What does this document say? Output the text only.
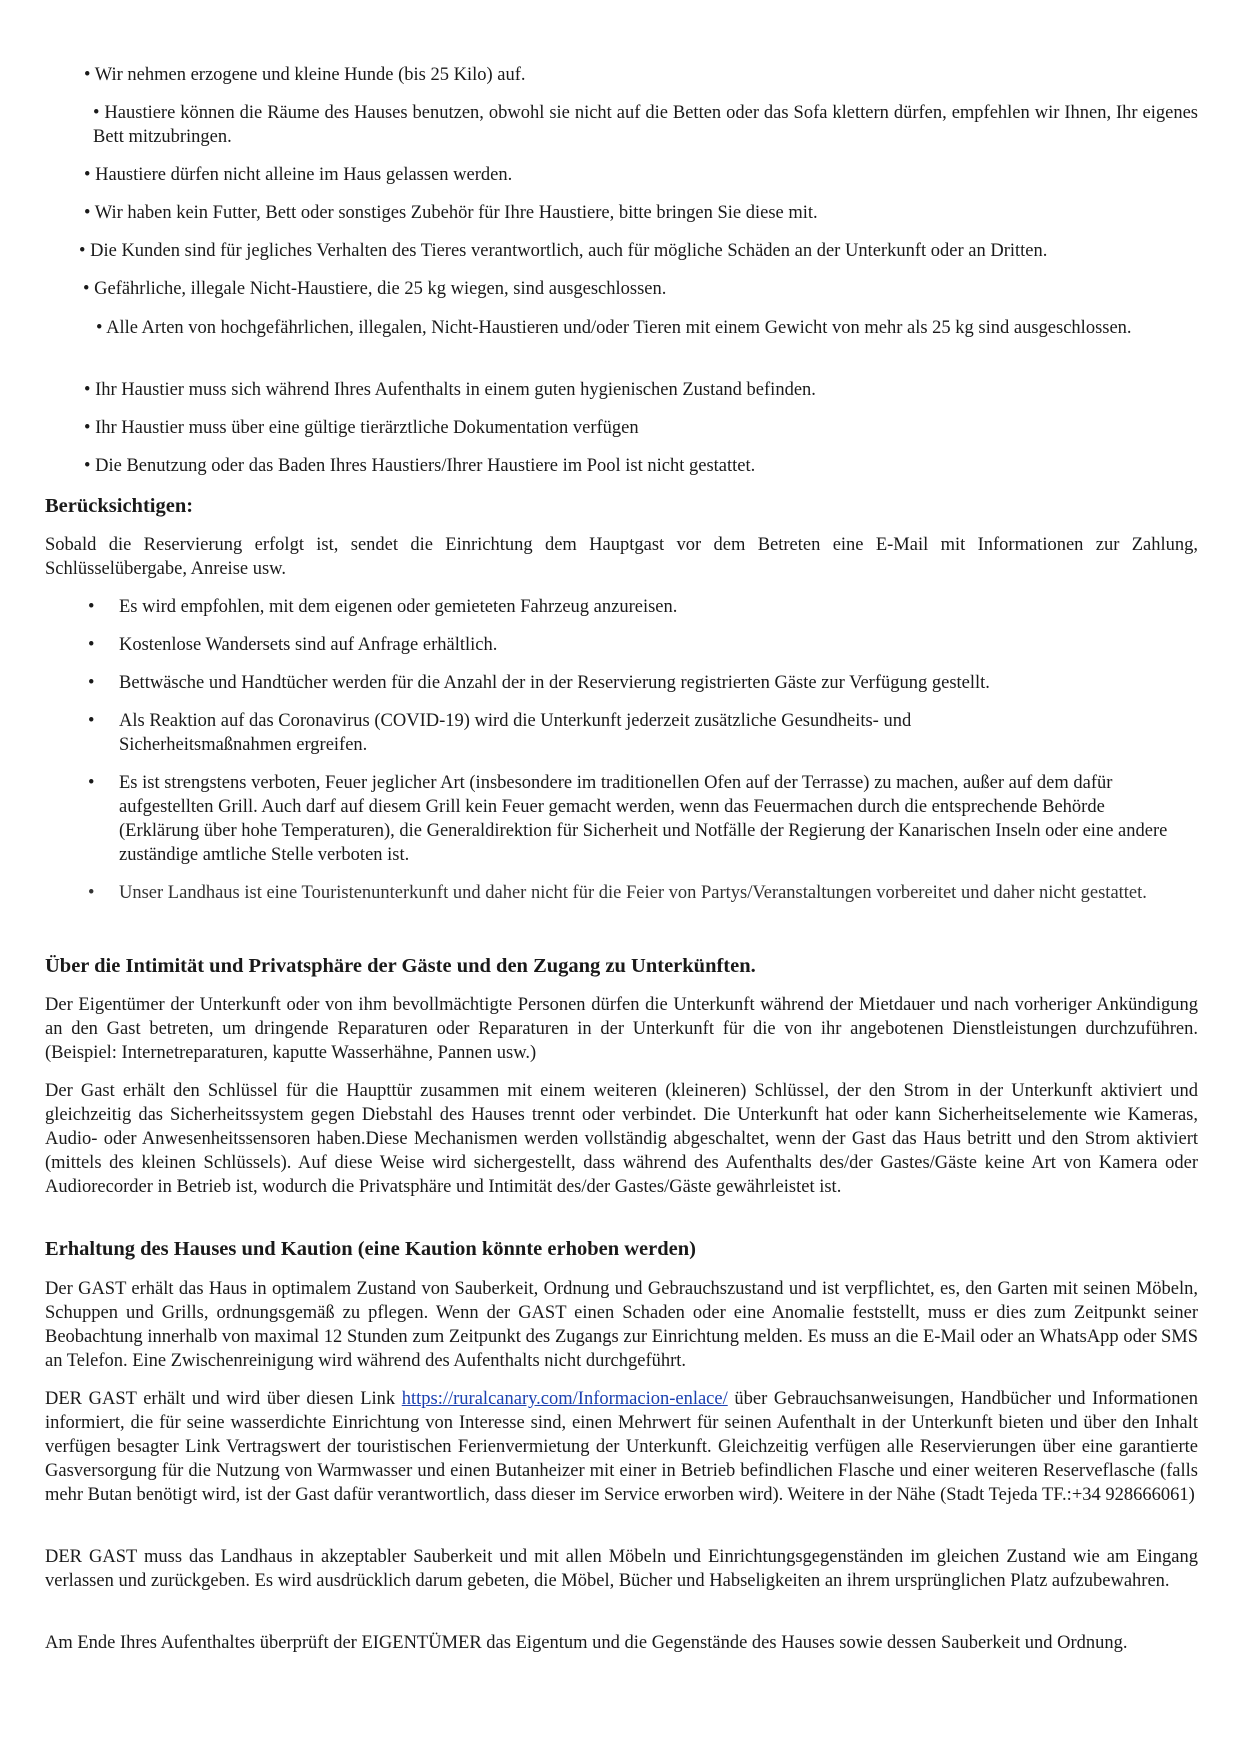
• Wir nehmen erzogene und kleine Hunde (bis 25 Kilo) auf.

• Haustiere können die Räume des Hauses benutzen, obwohl sie nicht auf die Betten oder das Sofa klettern dürfen, empfehlen wir Ihnen, Ihr eigenes Bett mitzubringen.

• Haustiere dürfen nicht alleine im Haus gelassen werden.

• Wir haben kein Futter, Bett oder sonstiges Zubehör für Ihre Haustiere, bitte bringen Sie diese mit.

• Die Kunden sind für jegliches Verhalten des Tieres verantwortlich, auch für mögliche Schäden an der Unterkunft oder an Dritten.

• Gefährliche, illegale Nicht-Haustiere, die 25 kg wiegen, sind ausgeschlossen.

• Alle Arten von hochgefährlichen, illegalen, Nicht-Haustieren und/oder Tieren mit einem Gewicht von mehr als 25 kg sind ausgeschlossen.

• Ihr Haustier muss sich während Ihres Aufenthalts in einem guten hygienischen Zustand befinden.

• Ihr Haustier muss über eine gültige tierärztliche Dokumentation verfügen

• Die Benutzung oder das Baden Ihres Haustiers/Ihrer Haustiere im Pool ist nicht gestattet.

Berücksichtigen:

Sobald die Reservierung erfolgt ist, sendet die Einrichtung dem Hauptgast vor dem Betreten eine E-Mail mit Informationen zur Zahlung, Schlüsselübergabe, Anreise usw.

• Es wird empfohlen, mit dem eigenen oder gemieteten Fahrzeug anzureisen.

• Kostenlose Wandersets sind auf Anfrage erhältlich.

• Bettwäsche und Handtücher werden für die Anzahl der in der Reservierung registrierten Gäste zur Verfügung gestellt.

• Als Reaktion auf das Coronavirus (COVID-19) wird die Unterkunft jederzeit zusätzliche Gesundheits- und Sicherheitsmaßnahmen ergreifen.

• Es ist strengstens verboten, Feuer jeglicher Art (insbesondere im traditionellen Ofen auf der Terrasse) zu machen, außer auf dem dafür aufgestellten Grill. Auch darf auf diesem Grill kein Feuer gemacht werden, wenn das Feuermachen durch die entsprechende Behörde (Erklärung über hohe Temperaturen), die Generaldirektion für Sicherheit und Notfälle der Regierung der Kanarischen Inseln oder eine andere zuständige amtliche Stelle verboten ist.

• Unser Landhaus ist eine Touristenunterkunft und daher nicht für die Feier von Partys/Veranstaltungen vorbereitet und daher nicht gestattet.

Über die Intimität und Privatsphäre der Gäste und den Zugang zu Unterkünften.

Der Eigentümer der Unterkunft oder von ihm bevollmächtigte Personen dürfen die Unterkunft während der Mietdauer und nach vorheriger Ankündigung an den Gast betreten, um dringende Reparaturen oder Reparaturen in der Unterkunft für die von ihr angebotenen Dienstleistungen durchzuführen. (Beispiel: Internetreparaturen, kaputte Wasserhähne, Pannen usw.)

Der Gast erhält den Schlüssel für die Haupttür zusammen mit einem weiteren (kleineren) Schlüssel, der den Strom in der Unterkunft aktiviert und gleichzeitig das Sicherheitssystem gegen Diebstahl des Hauses trennt oder verbindet. Die Unterkunft hat oder kann Sicherheitselemente wie Kameras, Audio- oder Anwesenheitssensoren haben.Diese Mechanismen werden vollständig abgeschaltet, wenn der Gast das Haus betritt und den Strom aktiviert (mittels des kleinen Schlüssels). Auf diese Weise wird sichergestellt, dass während des Aufenthalts des/der Gastes/Gäste keine Art von Kamera oder Audiorecorder in Betrieb ist, wodurch die Privatsphäre und Intimität des/der Gastes/Gäste gewährleistet ist.

Erhaltung des Hauses und Kaution (eine Kaution könnte erhoben werden)

Der GAST erhält das Haus in optimalem Zustand von Sauberkeit, Ordnung und Gebrauchszustand und ist verpflichtet, es, den Garten mit seinen Möbeln, Schuppen und Grills, ordnungsgemäß zu pflegen. Wenn der GAST einen Schaden oder eine Anomalie feststellt, muss er dies zum Zeitpunkt seiner Beobachtung innerhalb von maximal 12 Stunden zum Zeitpunkt des Zugangs zur Einrichtung melden. Es muss an die E-Mail oder an WhatsApp oder SMS an Telefon. Eine Zwischenreinigung wird während des Aufenthalts nicht durchgeführt.

DER GAST erhält und wird über diesen Link https://ruralcanary.com/Informacion-enlace/ über Gebrauchsanweisungen, Handbücher und Informationen informiert, die für seine wasserdichte Einrichtung von Interesse sind, einen Mehrwert für seinen Aufenthalt in der Unterkunft bieten und über den Inhalt verfügen besagter Link Vertragswert der touristischen Ferienvermietung der Unterkunft. Gleichzeitig verfügen alle Reservierungen über eine garantierte Gasversorgung für die Nutzung von Warmwasser und einen Butanheizer mit einer in Betrieb befindlichen Flasche und einer weiteren Reserveflasche (falls mehr Butan benötigt wird, ist der Gast dafür verantwortlich, dass dieser im Service erworben wird). Weitere in der Nähe (Stadt Tejeda TF.:+34 928666061)

DER GAST muss das Landhaus in akzeptabler Sauberkeit und mit allen Möbeln und Einrichtungsgegenständen im gleichen Zustand wie am Eingang verlassen und zurückgeben. Es wird ausdrücklich darum gebeten, die Möbel, Bücher und Habseligkeiten an ihrem ursprünglichen Platz aufzubewahren.

Am Ende Ihres Aufenthaltes überprüft der EIGENTÜMER das Eigentum und die Gegenstände des Hauses sowie dessen Sauberkeit und Ordnung.
